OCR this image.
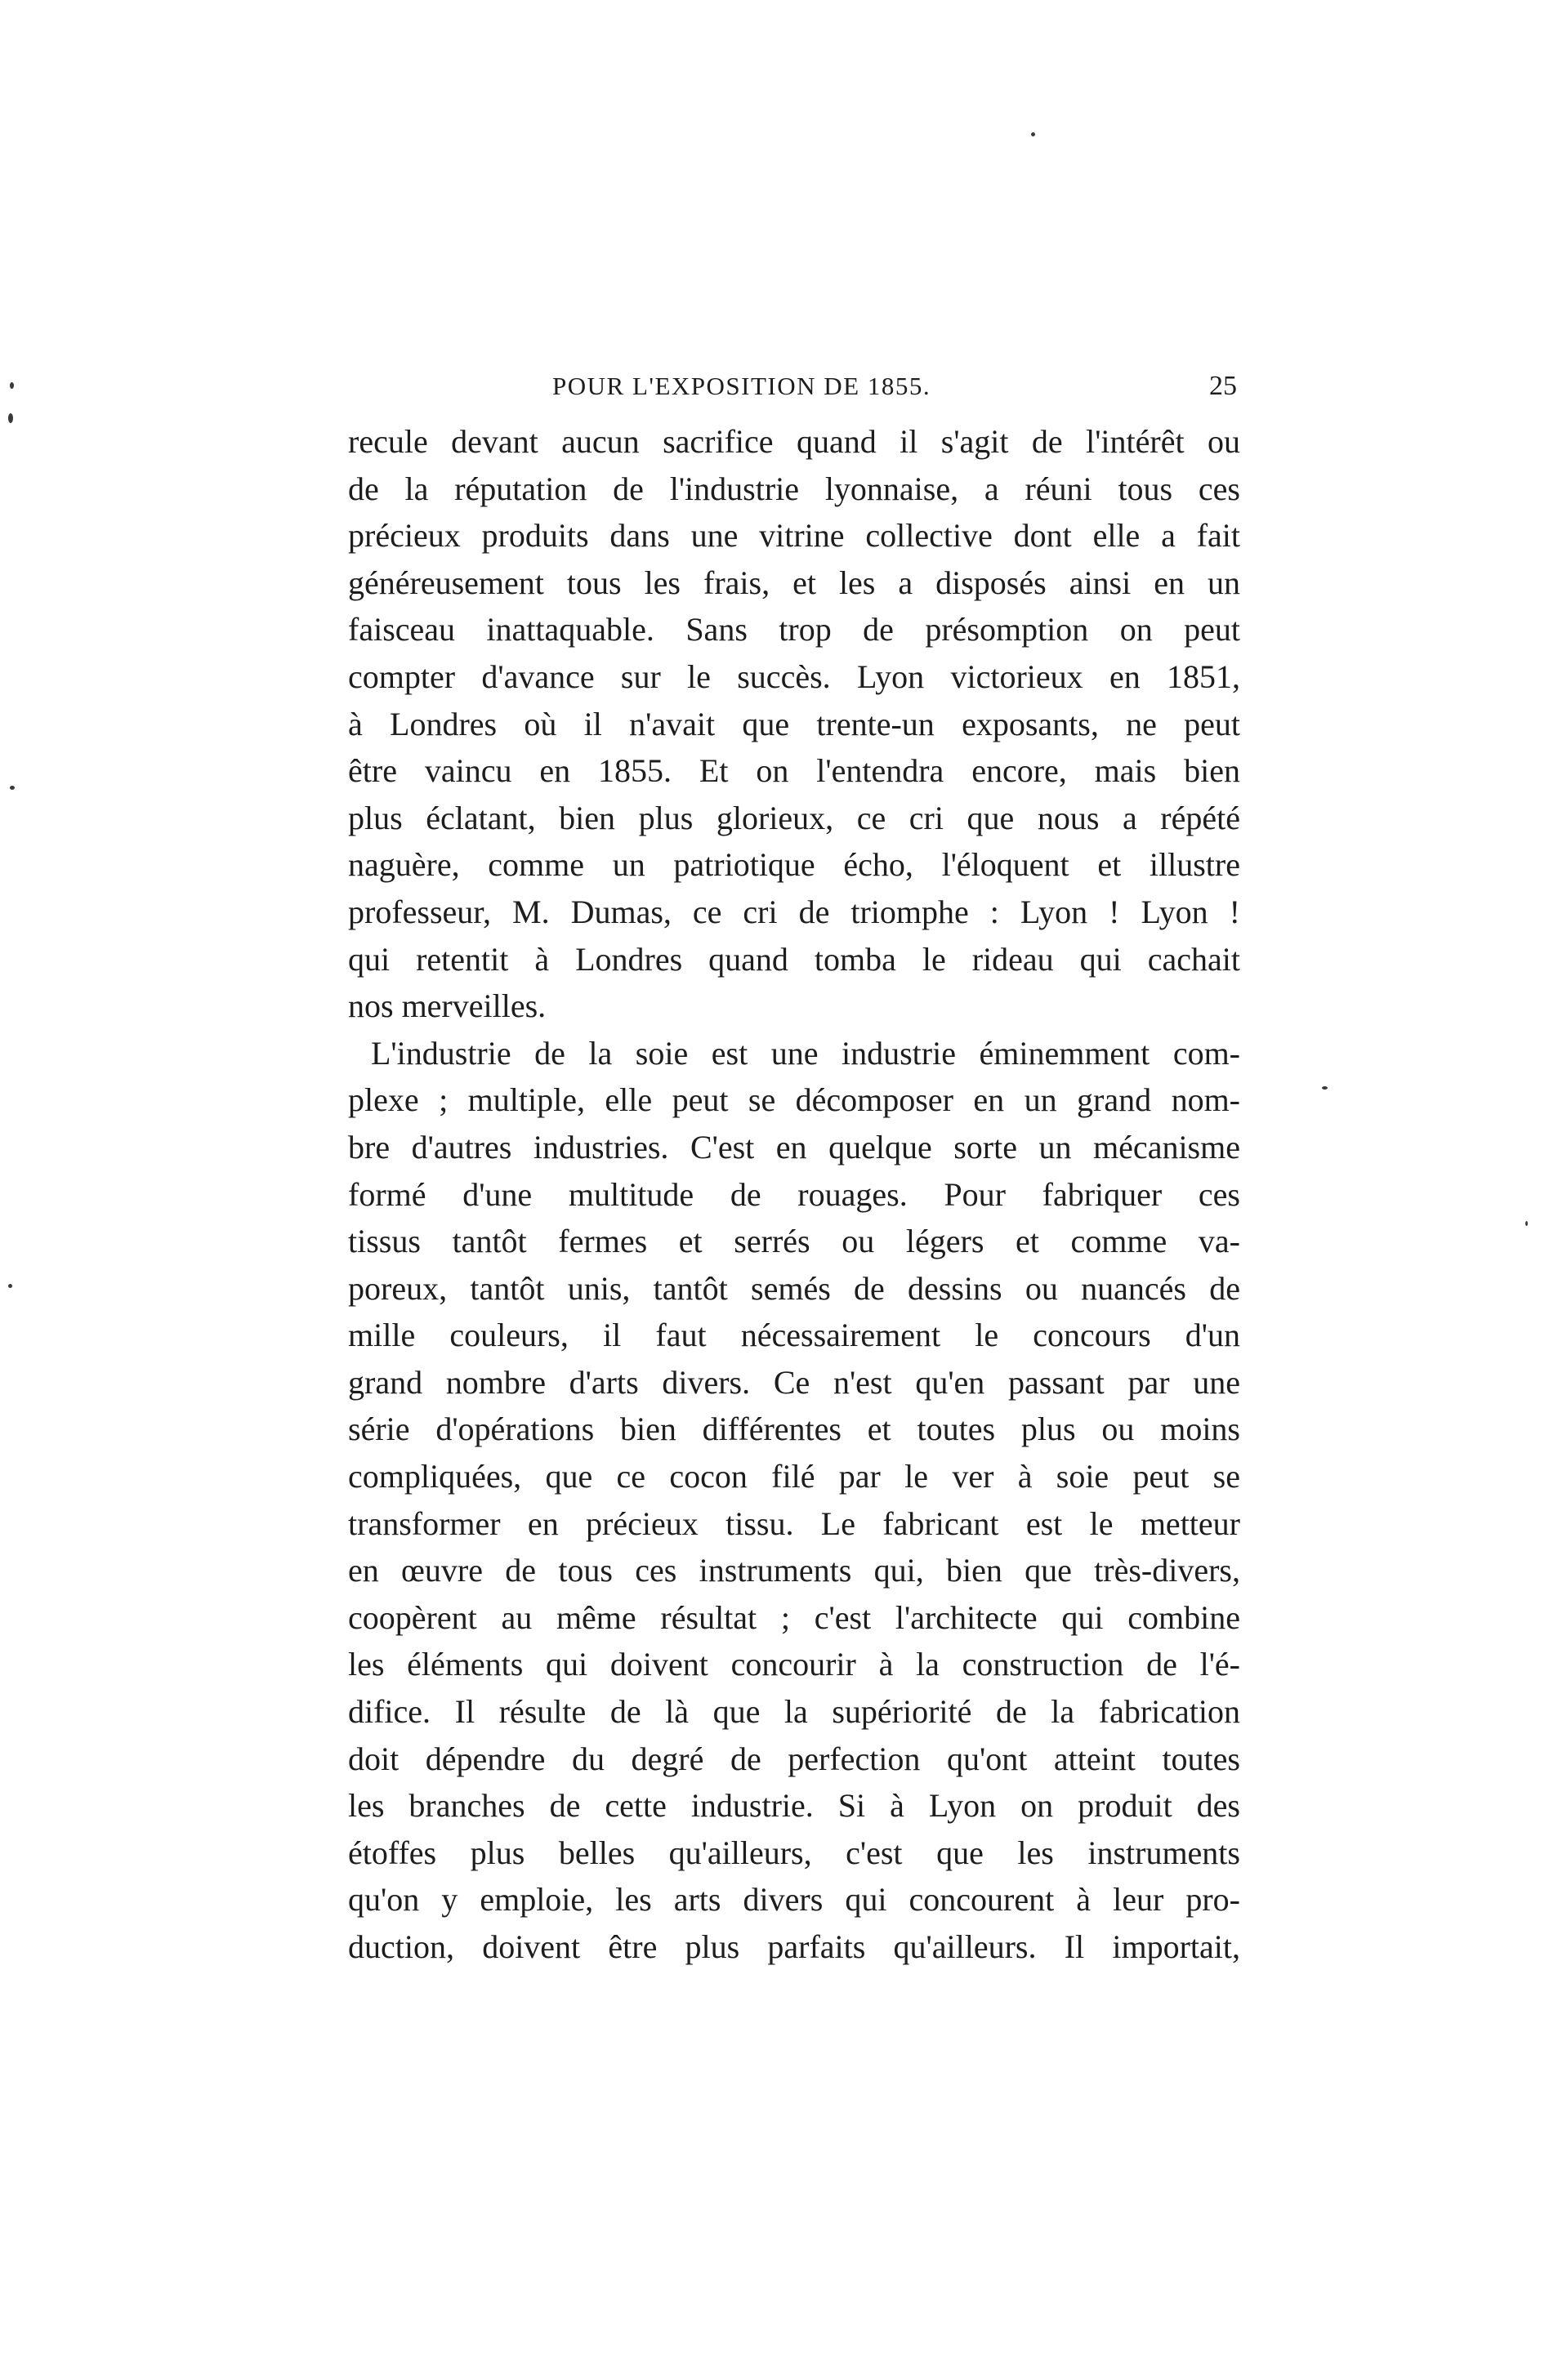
POUR L'EXPOSITION DE 1855.	25
recule devant aucun sacrifice quand il s'agit de l'intérêt ou
de la réputation de l'industrie lyonnaise, a réuni tous ces
précieux produits dans une vitrine collective dont elle a fait
généreusement tous les frais, et les a disposés ainsi en un
faisceau inattaquable. Sans trop de présomption on peut
compter d'avance sur le succès. Lyon victorieux en 1851,
à Londres où il n'avait que trente-un exposants, ne peut
être vaincu en 1855. Et on l'entendra encore, mais bien
plus éclatant, bien plus glorieux, ce cri que nous a répété
naguère, comme un patriotique écho, l'éloquent et illustre
professeur, M. Dumas, ce cri de triomphe : Lyon ! Lyon !
qui retentit à Londres quand tomba le rideau qui cachait
nos merveilles.
L'industrie de la soie est une industrie éminemment com-
plexe ; multiple, elle peut se décomposer en un grand nom-
bre d'autres industries. C'est en quelque sorte un mécanisme
formé d'une multitude de rouages. Pour fabriquer ces
tissus tantôt fermes et serrés ou légers et comme va-
poreux, tantôt unis, tantôt semés de dessins ou nuancés de
mille couleurs, il faut nécessairement le concours d'un
grand nombre d'arts divers. Ce n'est qu'en passant par une
série d'opérations bien différentes et toutes plus ou moins
compliquées, que ce cocon filé par le ver à soie peut se
transformer en précieux tissu. Le fabricant est le metteur
en œuvre de tous ces instruments qui, bien que très-divers,
coopèrent au même résultat ; c'est l'architecte qui combine
les éléments qui doivent concourir à la construction de l'é-
difice. Il résulte de là que la supériorité de la fabrication
doit dépendre du degré de perfection qu'ont atteint toutes
les branches de cette industrie. Si à Lyon on produit des
étoffes plus belles qu'ailleurs, c'est que les instruments
qu'on y emploie, les arts divers qui concourent à leur pro-
duction, doivent être plus parfaits qu'ailleurs. Il importait,
